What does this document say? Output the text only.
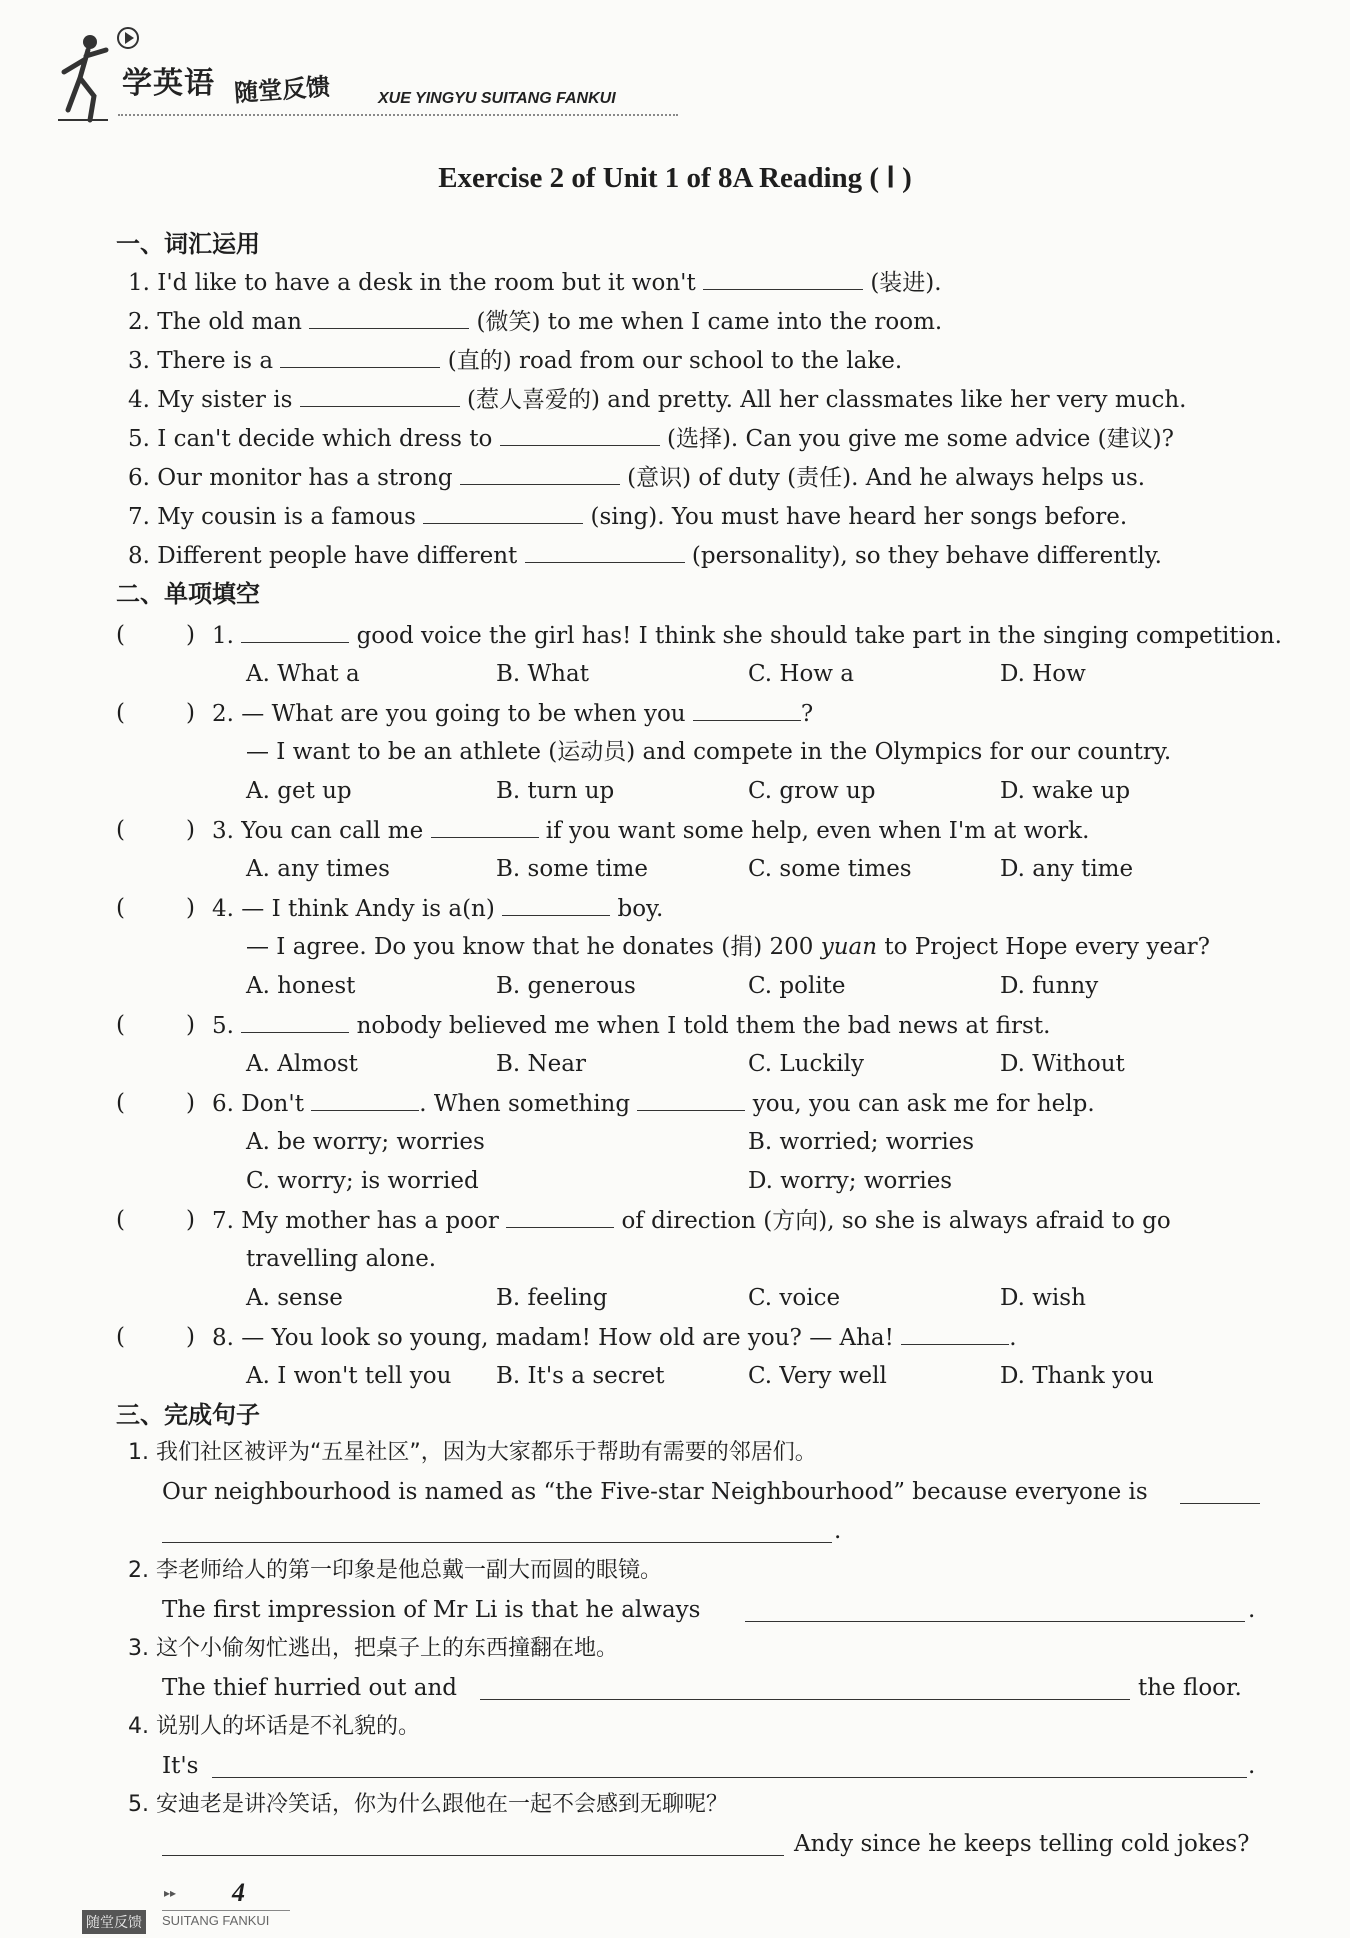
学英语 随堂反馈	XUE YINGYU SUITANG FANKUI
Exercise 2 of Unit 1 of 8A Reading ( Ⅰ )
一、词汇运用
1. I'd like to have a desk in the room but it won't	(装进).
2. The old man	(微笑) to me when I came into the room.
3. There is a	(直的) road from our school to the lake.
4. My sister is	(惹人喜爱的) and pretty. All her classmates like her very much.
5. I can't decide which dress to	(选择). Can you give me some advice (建议)?
6. Our monitor has a strong	(意识) of duty (责任). And he always helps us.
7. My cousin is a famous	(sing). You must have heard her songs before.
8. Different people have different	(personality), so they behave differently.
二、单项填空
(	) 1.	good voice the girl has! I think she should take part in the singing competition.
A. What a	B. What	C. How a	D. How
(	) 2. — What are you going to be when you	?
— I want to be an athlete (运动员) and compete in the Olympics for our country.
A. get up	B. turn up	C. grow up	D. wake up
(	) 3. You can call me	if you want some help, even when I'm at work.
A. any times	B. some time	C. some times	D. any time
(	) 4. — I think Andy is a(n)	boy.
— I agree. Do you know that he donates (捐) 200 yuan to Project Hope every year?
A. honest	B. generous	C. polite	D. funny
(	) 5.	nobody believed me when I told them the bad news at first.
A. Almost	B. Near	C. Luckily	D. Without
(	) 6. Don't	. When something	you, you can ask me for help.
A. be worry; worries	B. worried; worries
C. worry; is worried	D. worry; worries
(	) 7. My mother has a poor	of direction (方向), so she is always afraid to go
travelling alone.
A. sense	B. feeling	C. voice	D. wish
(	) 8. — You look so young, madam! How old are you? — Aha!	.
A. I won't tell you B. It's a secret	C. Very well	D. Thank you
三、完成句子
1. 我们社区被评为“五星社区”，因为大家都乐于帮助有需要的邻居们。
Our neighbourhood is named as “the Five-star Neighbourhood” because everyone is
.
2. 李老师给人的第一印象是他总戴一副大而圆的眼镜。
The first impression of Mr Li is that he always	.
3. 这个小偷匆忙逃出，把桌子上的东西撞翻在地。
The thief hurried out and	the floor.
4. 说别人的坏话是不礼貌的。
It's	.
5. 安迪老是讲冷笑话，你为什么跟他在一起不会感到无聊呢？
Andy since he keeps telling cold jokes?
▸▸ 4
随堂反馈	SUITANG FANKUI
